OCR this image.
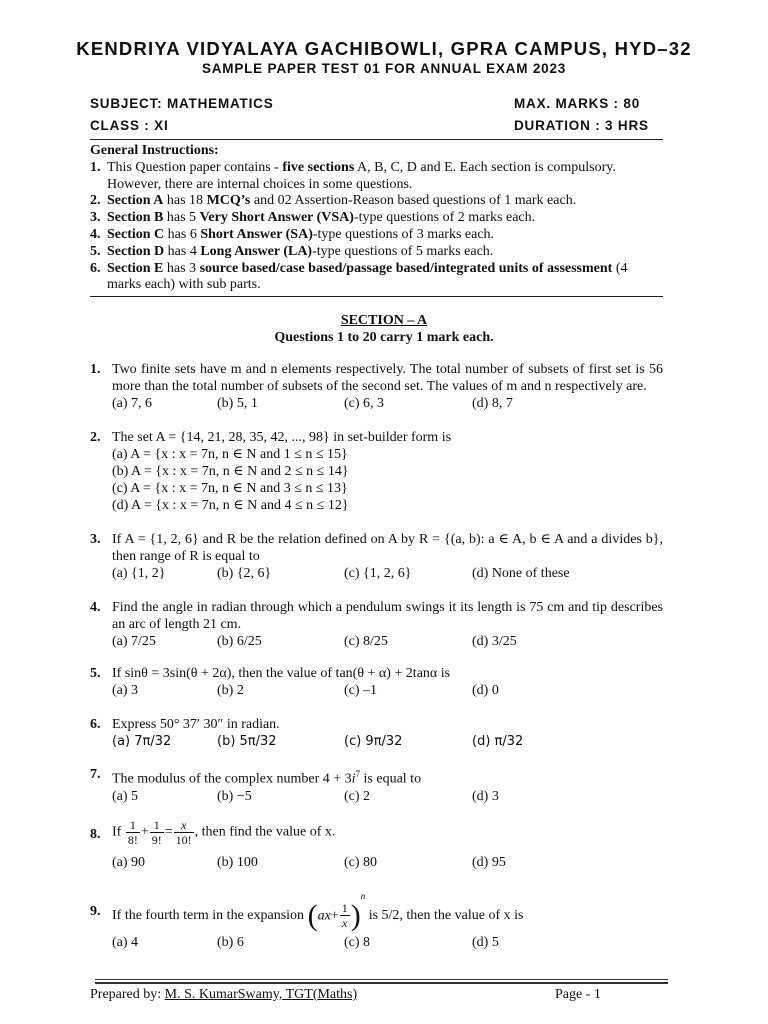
KENDRIYA VIDYALAYA GACHIBOWLI, GPRA CAMPUS, HYD–32
SAMPLE PAPER TEST 01 FOR ANNUAL EXAM 2023
SUBJECT: MATHEMATICS	MAX. MARKS : 80
CLASS : XI	DURATION : 3 HRS
General Instructions:
1. This Question paper contains - five sections A, B, C, D and E. Each section is compulsory. However, there are internal choices in some questions.
2. Section A has 18 MCQ’s and 02 Assertion-Reason based questions of 1 mark each.
3. Section B has 5 Very Short Answer (VSA)-type questions of 2 marks each.
4. Section C has 6 Short Answer (SA)-type questions of 3 marks each.
5. Section D has 4 Long Answer (LA)-type questions of 5 marks each.
6. Section E has 3 source based/case based/passage based/integrated units of assessment (4 marks each) with sub parts.
SECTION – A
Questions 1 to 20 carry 1 mark each.
1. Two finite sets have m and n elements respectively. The total number of subsets of first set is 56 more than the total number of subsets of the second set. The values of m and n respectively are.
(a) 7, 6	(b) 5, 1	(c) 6, 3	(d) 8, 7
2. The set A = {14, 21, 28, 35, 42, ..., 98} in set-builder form is
(a) A = {x : x = 7n, n ∈ N and 1 ≤ n ≤ 15}
(b) A = {x : x = 7n, n ∈ N and 2 ≤ n ≤ 14}
(c) A = {x : x = 7n, n ∈ N and 3 ≤ n ≤ 13}
(d) A = {x : x = 7n, n ∈ N and 4 ≤ n ≤ 12}
3. If A = {1, 2, 6} and R be the relation defined on A by R = {(a, b): a ∈ A, b ∈ A and a divides b}, then range of R is equal to
(a) {1, 2}	(b) {2, 6}	(c) {1, 2, 6}	(d) None of these
4. Find the angle in radian through which a pendulum swings it its length is 75 cm and tip describes an arc of length 21 cm.
(a) 7/25	(b) 6/25	(c) 8/25	(d) 3/25
5. If sinθ = 3sin(θ + 2α), then the value of tan(θ + α) + 2tanα is
(a) 3	(b) 2	(c) –1	(d) 0
6. Express 50° 37′ 30″ in radian.
(a) 7π/32	(b) 5π/32	(c) 9π/32	(d) π/32
7. The modulus of the complex number $4 + 3i^7$ is equal to
(a) 5	(b) −5	(c) 2	(d) 3
8. If $\frac{1}{8!} + \frac{1}{9!} = \frac{x}{10!}$ , then find the value of x.
(a) 90	(b) 100	(c) 80	(d) 95
9. If the fourth term in the expansion $(ax+ \frac{1}{x} )^n$ is 5/2, then the value of x is
(a) 4	(b) 6	(c) 8	(d) 5
Prepared by: M. S. KumarSwamy, TGT(Maths)	Page - 1
